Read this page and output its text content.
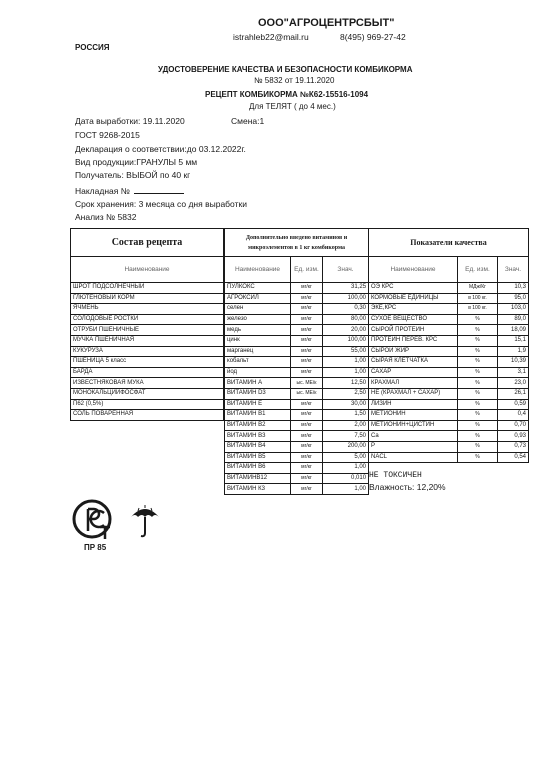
ООО"АГРОЦЕНТРСБЫТ"
istrahleb22@mail.ru	8(495) 969-27-42
РОССИЯ
УДОСТОВЕРЕНИЕ КАЧЕСТВА И БЕЗОПАСНОСТИ КОМБИКОРМА
№ 5832 от 19.11.2020
РЕЦЕПТ КОМБИКОРМА №К62-15516-1094
Для ТЕЛЯТ ( до 4 мес.)
Дата выработки: 19.11.2020	Смена:1
ГОСТ 9268-2015
Декларация о соответствии:до 03.12.2022г.
Вид продукции:ГРАНУЛЫ 5 мм
Получатель: ВЫБОЙ по 40 кг
Накладная №
Срок хранения: 3 месяца со дня выработки
Анализ № 5832
Состав рецепта
Наименование
ШРОТ ПОДСОЛНЕЧНЫЙ
ГЛЮТЕНОВЫЙ КОРМ
ЯЧМЕНЬ
СОЛОДОВЫЕ РОСТКИ
ОТРУБИ ПШЕНИЧНЫЕ
МУЧКА ПШЕНИЧНАЯ
КУКУРУЗА
ПШЕНИЦА 5 класс
БАРДА
ИЗВЕСТНЯКОВАЯ МУКА
МОНОКАЛЬЦИЙФОСФАТ
П62 (0,5%)
СОЛЬ ПОВАРЕННАЯ
Дополнительно введено витаминов и микроэлементов в 1 кг комбикорма		
Наименование	Ед. изм.	Знач.
ПУЛКОКС	мг/кг	31,25
АГРОКСИЛ	мг/кг	100,00
селен	мг/кг	0,30
железо	мг/кг	80,00
медь	мг/кг	20,00
цинк	мг/кг	100,00
марганец	мг/кг	55,00
кобальт	мг/кг	1,00
йод	мг/кг	1,00
ВИТАМИН А	ыс. МЕ/к	12,50
ВИТАМИН D3	ыс. МЕ/к	2,50
ВИТАМИН Е	мг/кг	30,00
ВИТАМИН В1	мг/кг	1,50
ВИТАМИН В2	мг/кг	2,00
ВИТАМИН В3	мг/кг	7,50
ВИТАМИН В4	мг/кг	200,00
ВИТАМИН В5	мг/кг	5,00
ВИТАМИН В6	мг/кг	1,00
ВИТАМИНВ12	мг/кг	0,010
ВИТАМИН К3	мг/кг	1,00
Показатели качества		
Наименование	Ед. изм.	Знач.
ОЭ КРС	МДж/Кг	10,3
КОРМОВЫЕ ЕДИНИЦЫ	в 100 кг.	95,0
ЭКЕ,КРС	в 100 кг.	103,0
СУХОЕ ВЕЩЕСТВО	%	89,0
СЫРОЙ ПРОТЕИН	%	18,09
ПРОТЕИН ПЕРЕВ. КРС	%	15,1
СЫРОЙ ЖИР	%	1,9
СЫРАЯ КЛЕТЧАТКА	%	10,39
САХАР	%	3,1
КРАХМАЛ	%	23,0
НЕ (КРАХМАЛ + САХАР)	%	26,1
ЛИЗИН	%	0,59
МЕТИОНИН	%	0,4
МЕТИОНИН+ЦИСТИН	%	0,70
Са	%	0,93
Р	%	0,73
NACL	%	0,54
НЕ ТОКСИЧЕН
Влажность: 12,20%
ПР 85
